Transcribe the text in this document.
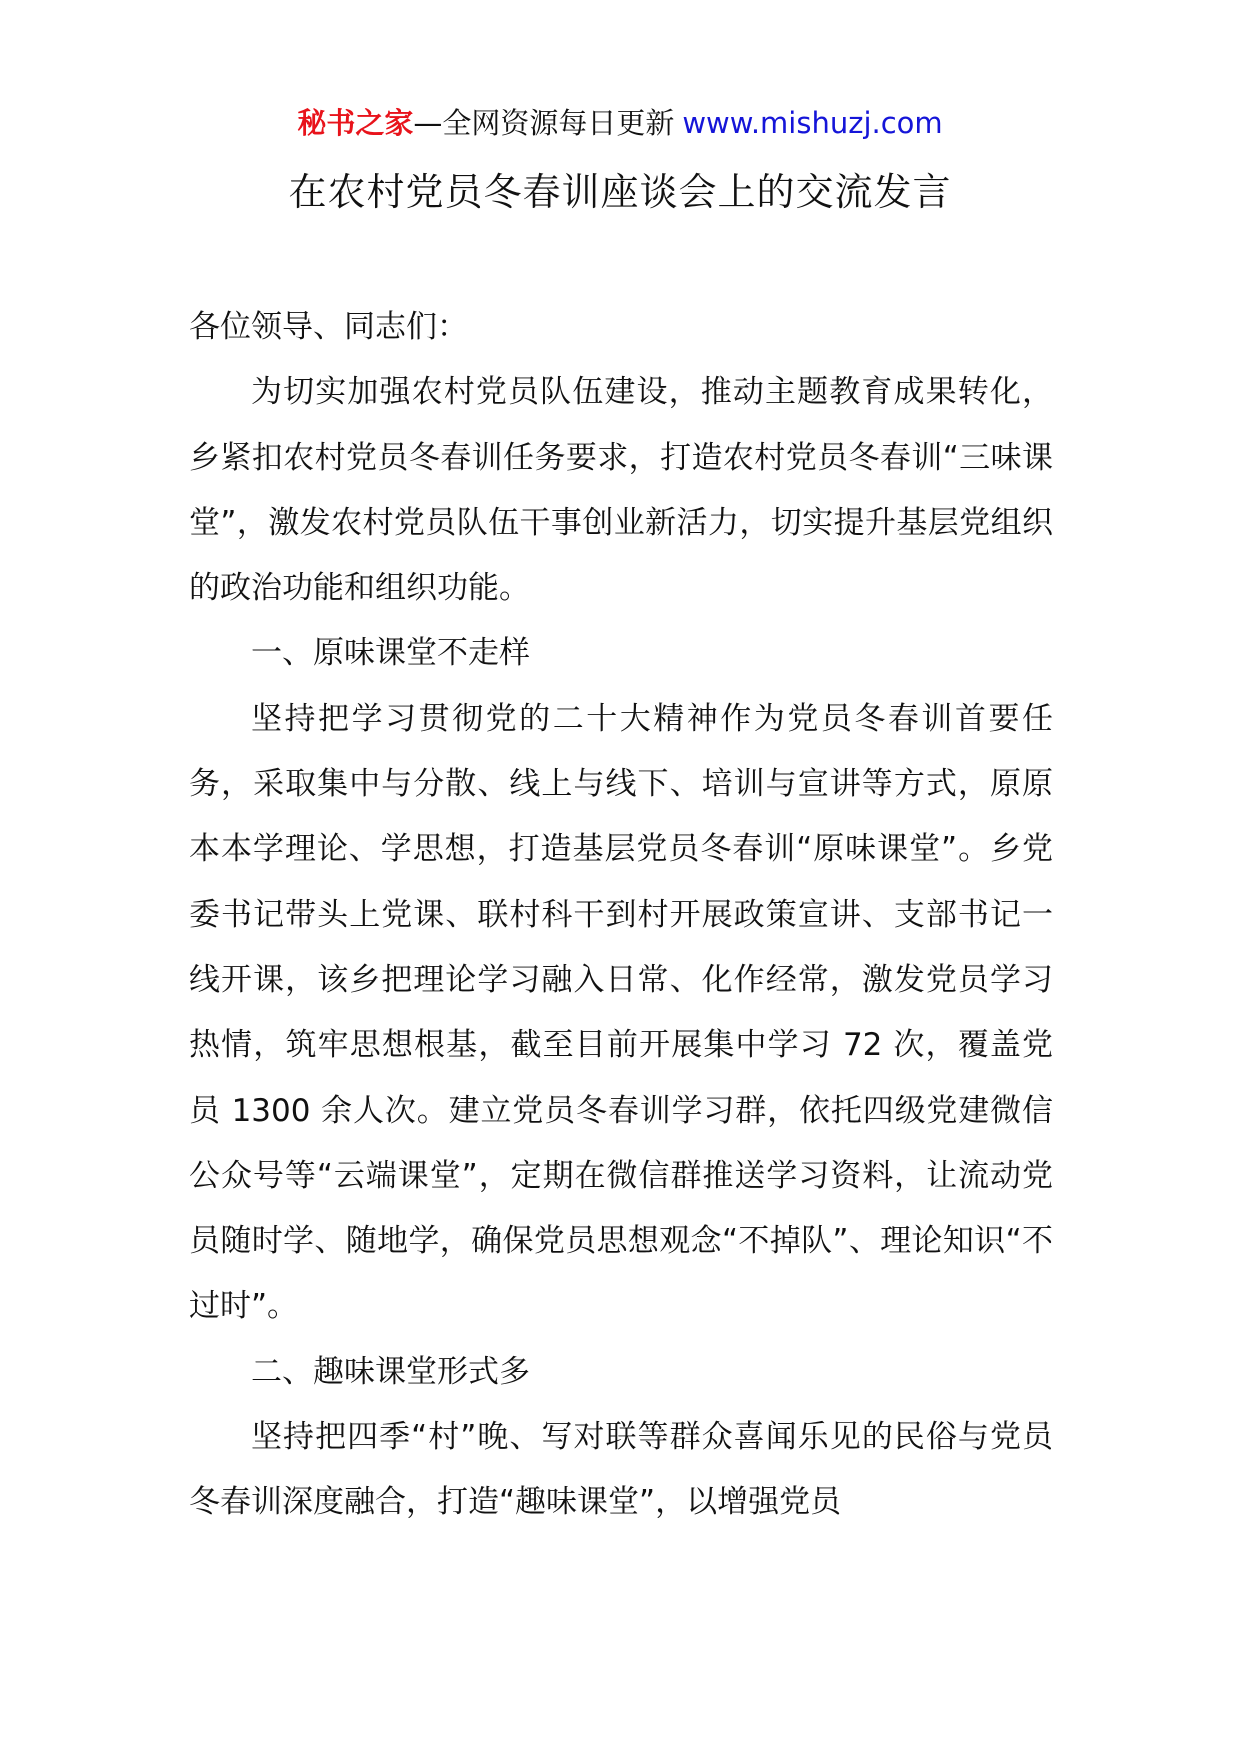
秘书之家—全网资源每日更新 www.mishuzj.com
在农村党员冬春训座谈会上的交流发言

各位领导、同志们：

为切实加强农村党员队伍建设，推动主题教育成果转化，乡紧扣农村党员冬春训任务要求，打造农村党员冬春训“三味课堂”，激发农村党员队伍干事创业新活力，切实提升基层党组织的政治功能和组织功能。

一、原味课堂不走样

坚持把学习贯彻党的二十大精神作为党员冬春训首要任务，采取集中与分散、线上与线下、培训与宣讲等方式，原原本本学理论、学思想，打造基层党员冬春训“原味课堂”。乡党委书记带头上党课、联村科干到村开展政策宣讲、支部书记一线开课，该乡把理论学习融入日常、化作经常，激发党员学习热情，筑牢思想根基，截至目前开展集中学习 72 次，覆盖党员 1300 余人次。建立党员冬春训学习群，依托四级党建微信公众号等“云端课堂”，定期在微信群推送学习资料，让流动党员随时学、随地学，确保党员思想观念“不掉队”、理论知识“不过时”。

二、趣味课堂形式多

坚持把四季“村”晚、写对联等群众喜闻乐见的民俗与党员冬春训深度融合，打造“趣味课堂”，以增强党员
